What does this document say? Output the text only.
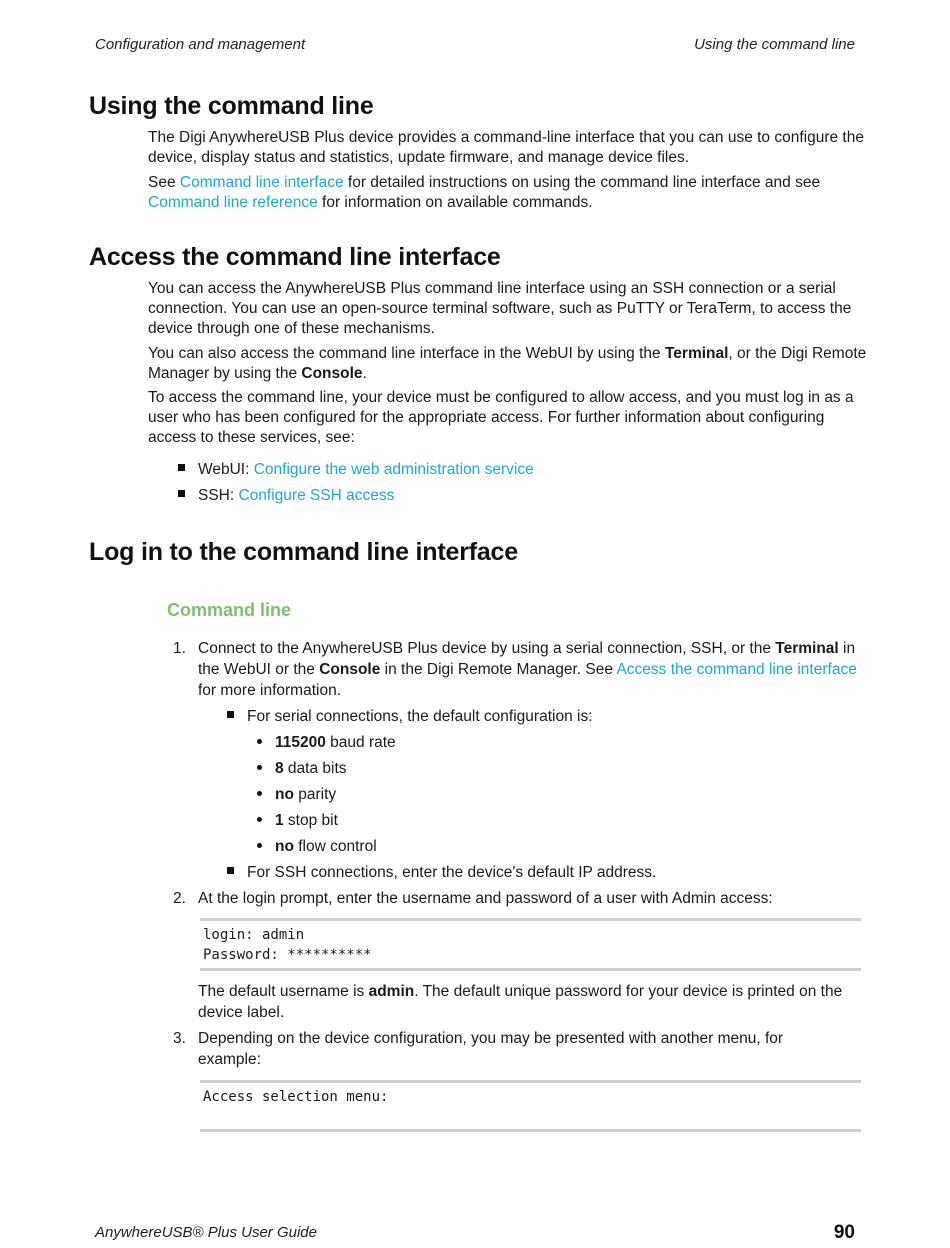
Configuration and management	Using the command line
Using the command line

The Digi AnywhereUSB Plus device provides a command-line interface that you can use to configure the device, display status and statistics, update firmware, and manage device files.

See Command line interface for detailed instructions on using the command line interface and see Command line reference for information on available commands.

Access the command line interface

You can access the AnywhereUSB Plus command line interface using an SSH connection or a serial connection. You can use an open-source terminal software, such as PuTTY or TeraTerm, to access the device through one of these mechanisms.

You can also access the command line interface in the WebUI by using the Terminal, or the Digi Remote Manager by using the Console.

To access the command line, your device must be configured to allow access, and you must log in as a user who has been configured for the appropriate access. For further information about configuring access to these services, see:

WebUI: Configure the web administration service

SSH: Configure SSH access

Log in to the command line interface
Command line

1. Connect to the AnywhereUSB Plus device by using a serial connection, SSH, or the Terminal in

the WebUI or the Console in the Digi Remote Manager. See Access the command line interface

for more information.

For serial connections, the default configuration is:

115200 baud rate

8 data bits

no parity

1 stop bit

no flow control

For SSH connections, enter the device's default IP address.

2. At the login prompt, enter the username and password of a user with Admin access:

login: admin
Password: **********

The default username is admin. The default unique password for your device is printed on the

device label.

3. Depending on the device configuration, you may be presented with another menu, for

example:

Access selection menu:
AnywhereUSB® Plus User Guide	90
